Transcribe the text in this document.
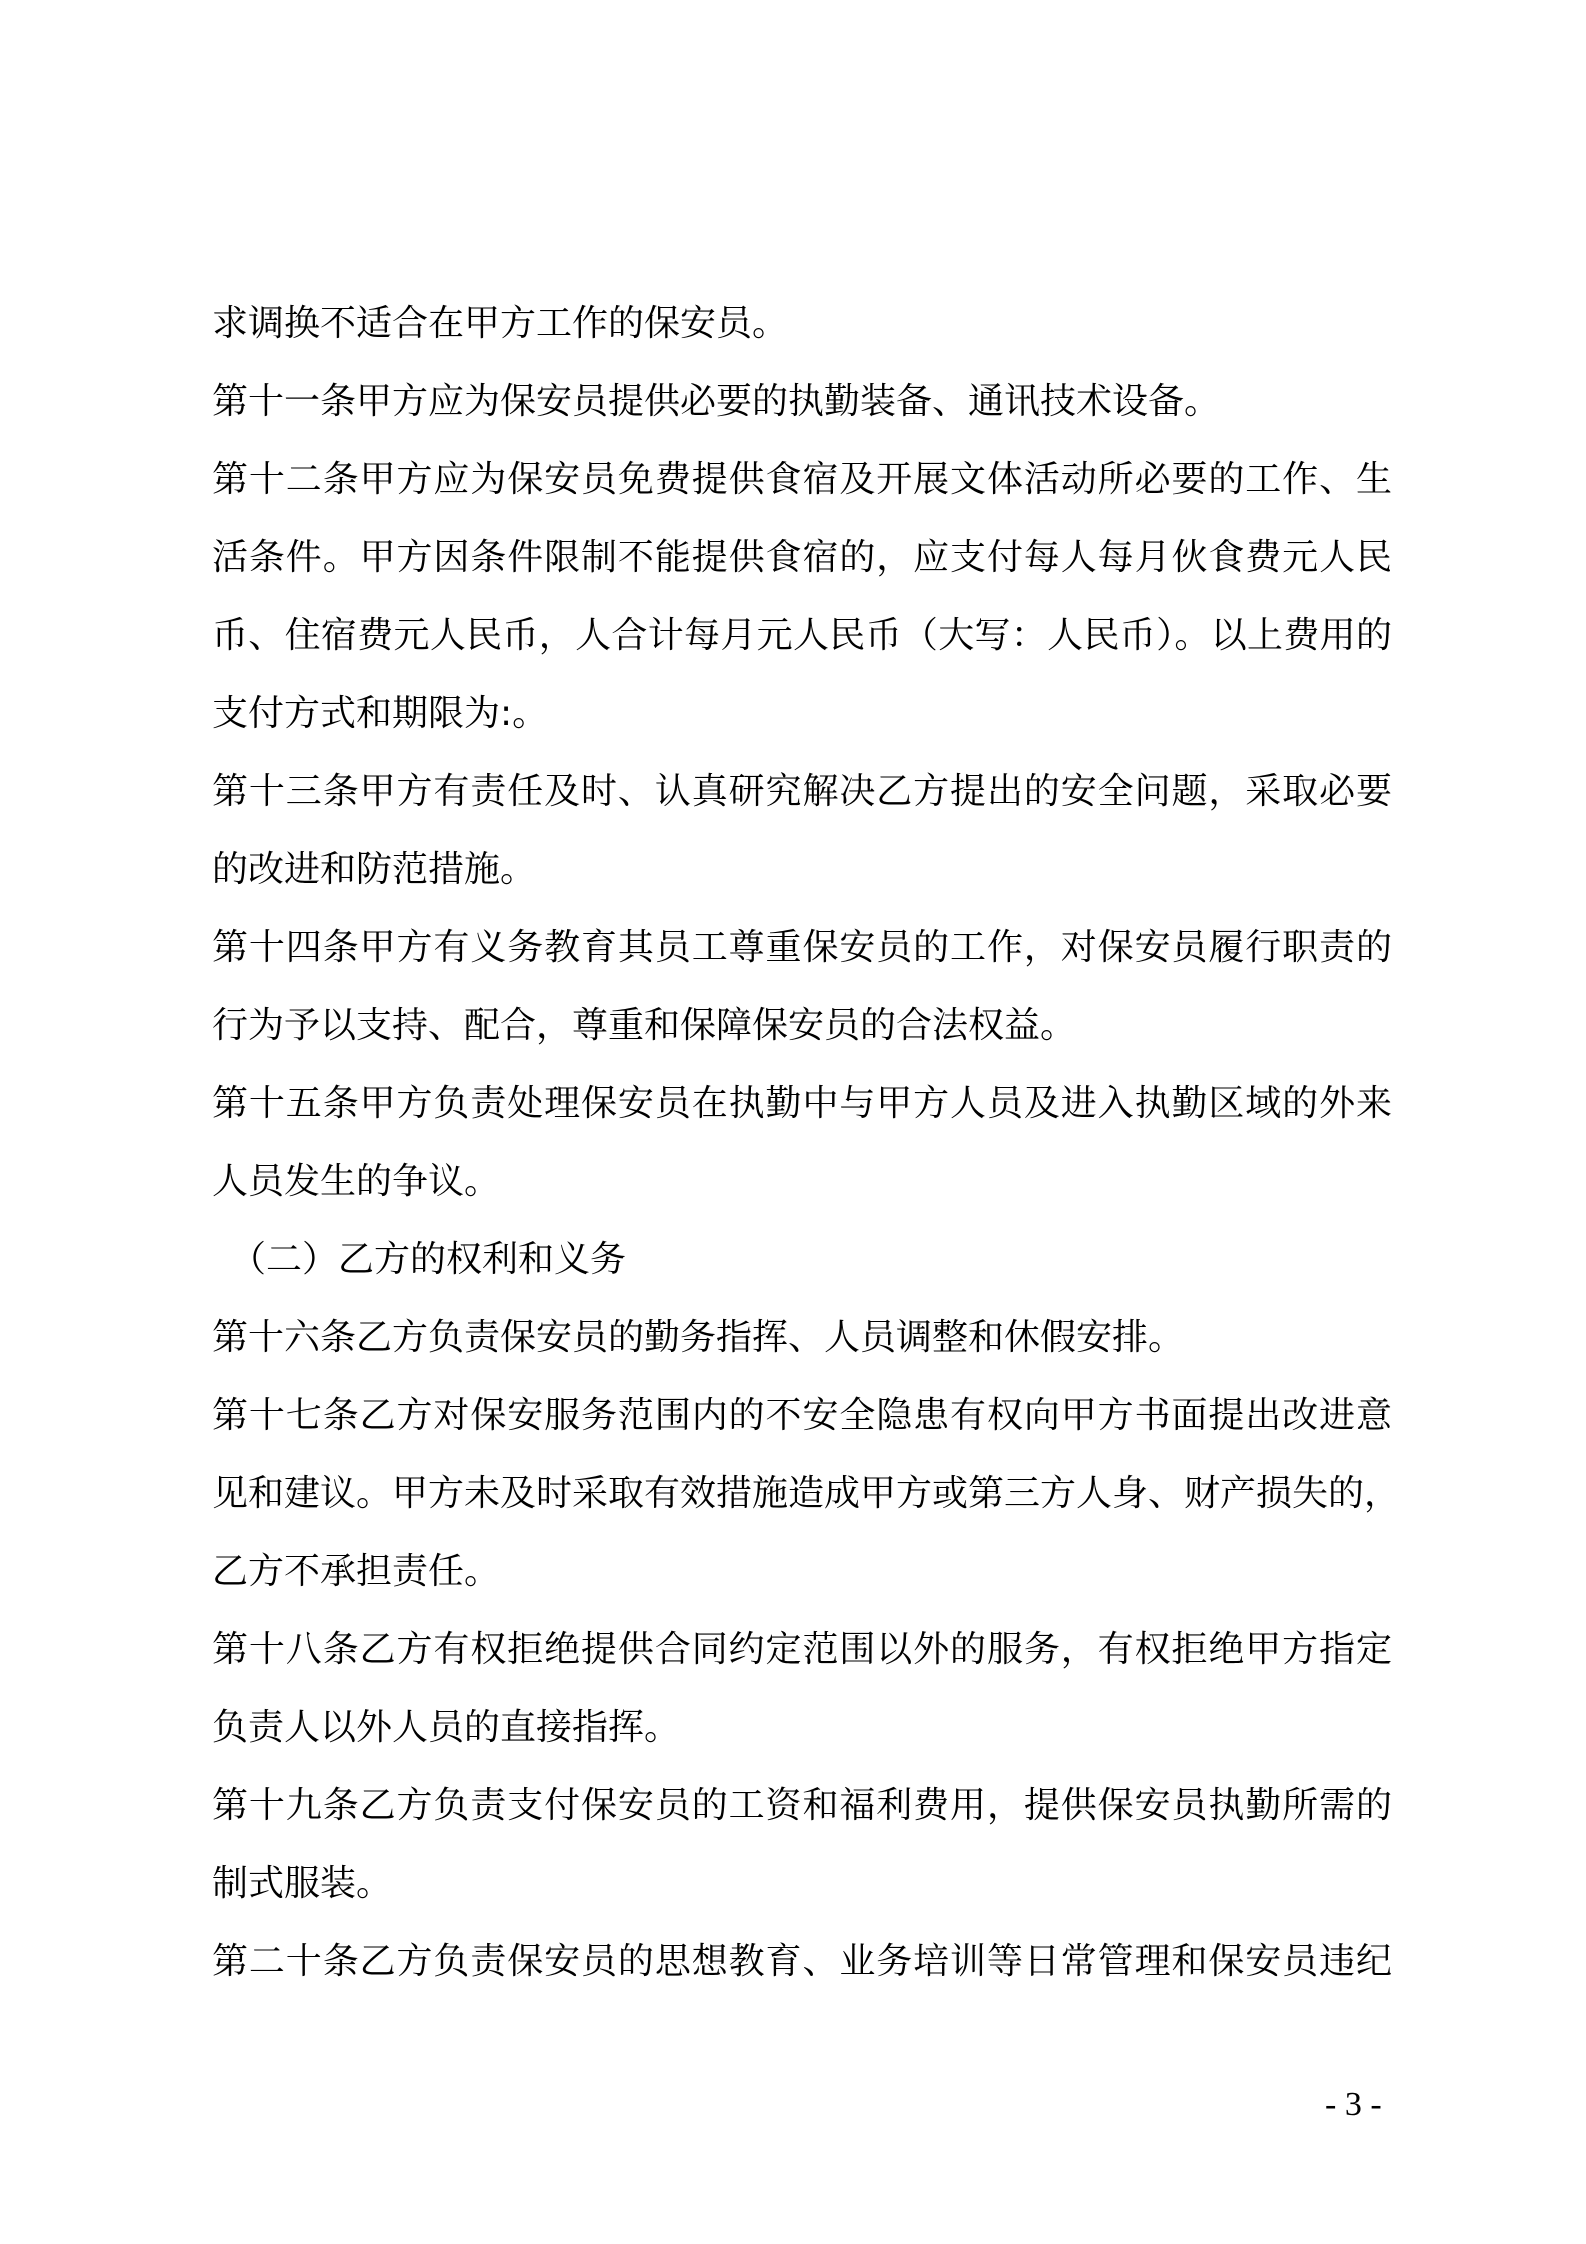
求调换不适合在甲方工作的保安员。
第十一条甲方应为保安员提供必要的执勤装备、通讯技术设备。
第十二条甲方应为保安员免费提供食宿及开展文体活动所必要的工作、生
活条件。甲方因条件限制不能提供食宿的，应支付每人每月伙食费元人民
币、住宿费元人民币，人合计每月元人民币（大写：人民币）。以上费用的
支付方式和期限为:。
第十三条甲方有责任及时、认真研究解决乙方提出的安全问题，采取必要
的改进和防范措施。
第十四条甲方有义务教育其员工尊重保安员的工作，对保安员履行职责的
行为予以支持、配合，尊重和保障保安员的合法权益。
第十五条甲方负责处理保安员在执勤中与甲方人员及进入执勤区域的外来
人员发生的争议。
（二）乙方的权利和义务
第十六条乙方负责保安员的勤务指挥、人员调整和休假安排。
第十七条乙方对保安服务范围内的不安全隐患有权向甲方书面提出改进意
见和建议。甲方未及时采取有效措施造成甲方或第三方人身、财产损失的，
乙方不承担责任。
第十八条乙方有权拒绝提供合同约定范围以外的服务，有权拒绝甲方指定
负责人以外人员的直接指挥。
第十九条乙方负责支付保安员的工资和福利费用，提供保安员执勤所需的
制式服装。
第二十条乙方负责保安员的思想教育、业务培训等日常管理和保安员违纪
- 3 -
